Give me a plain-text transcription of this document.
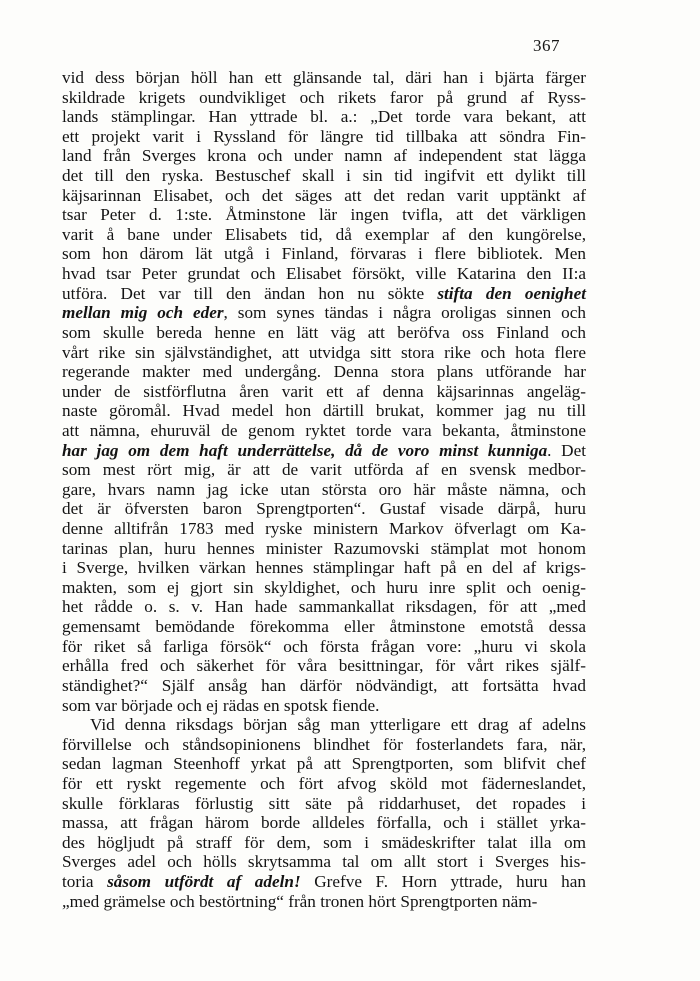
367
vid dess början höll han ett glänsande tal, däri han i bjärta färger
skildrade krigets oundvikliget och rikets faror på grund af Ryss-
lands stämplingar. Han yttrade bl. a.: „Det torde vara bekant, att
ett projekt varit i Ryssland för längre tid tillbaka att söndra Fin-
land från Sverges krona och under namn af independent stat lägga
det till den ryska. Bestuschef skall i sin tid ingifvit ett dylikt till
käjsarinnan Elisabet, och det säges att det redan varit upptänkt af
tsar Peter d. 1:ste. Åtminstone lär ingen tvifla, att det värkligen
varit å bane under Elisabets tid, då exemplar af den kungörelse,
som hon därom lät utgå i Finland, förvaras i flere bibliotek. Men
hvad tsar Peter grundat och Elisabet försökt, ville Katarina den II:a
utföra. Det var till den ändan hon nu sökte stifta den oenighet
mellan mig och eder, som synes tändas i några oroligas sinnen och
som skulle bereda henne en lätt väg att beröfva oss Finland och
vårt rike sin självständighet, att utvidga sitt stora rike och hota flere
regerande makter med undergång. Denna stora plans utförande har
under de sistförflutna åren varit ett af denna käjsarinnas angeläg-
naste göromål. Hvad medel hon därtill brukat, kommer jag nu till
att nämna, ehuruväl de genom ryktet torde vara bekanta, åtminstone
har jag om dem haft underrättelse, då de voro minst kunniga. Det
som mest rört mig, är att de varit utförda af en svensk medbor-
gare, hvars namn jag icke utan största oro här måste nämna, och
det är öfversten baron Sprengtporten“. Gustaf visade därpå, huru
denne alltifrån 1783 med ryske ministern Markov öfverlagt om Ka-
tarinas plan, huru hennes minister Razumovski stämplat mot honom
i Sverge, hvilken värkan hennes stämplingar haft på en del af krigs-
makten, som ej gjort sin skyldighet, och huru inre split och oenig-
het rådde o. s. v. Han hade sammankallat riksdagen, för att „med
gemensamt bemödande förekomma eller åtminstone emotstå dessa
för riket så farliga försök“ och första frågan vore: „huru vi skola
erhålla fred och säkerhet för våra besittningar, för vårt rikes själf-
ständighet?“ Själf ansåg han därför nödvändigt, att fortsätta hvad
som var började och ej rädas en spotsk fiende.
Vid denna riksdags början såg man ytterligare ett drag af adelns
förvillelse och ståndsopinionens blindhet för fosterlandets fara, när,
sedan lagman Steenhoff yrkat på att Sprengtporten, som blifvit chef
för ett ryskt regemente och fört afvog sköld mot fäderneslandet,
skulle förklaras förlustig sitt säte på riddarhuset, det ropades i
massa, att frågan härom borde alldeles förfalla, och i stället yrka-
des högljudt på straff för dem, som i smädeskrifter talat illa om
Sverges adel och hölls skrytsamma tal om allt stort i Sverges his-
toria såsom utfördt af adeln! Grefve F. Horn yttrade, huru han
„med grämelse och bestörtning“ från tronen hört Sprengtporten näm-
